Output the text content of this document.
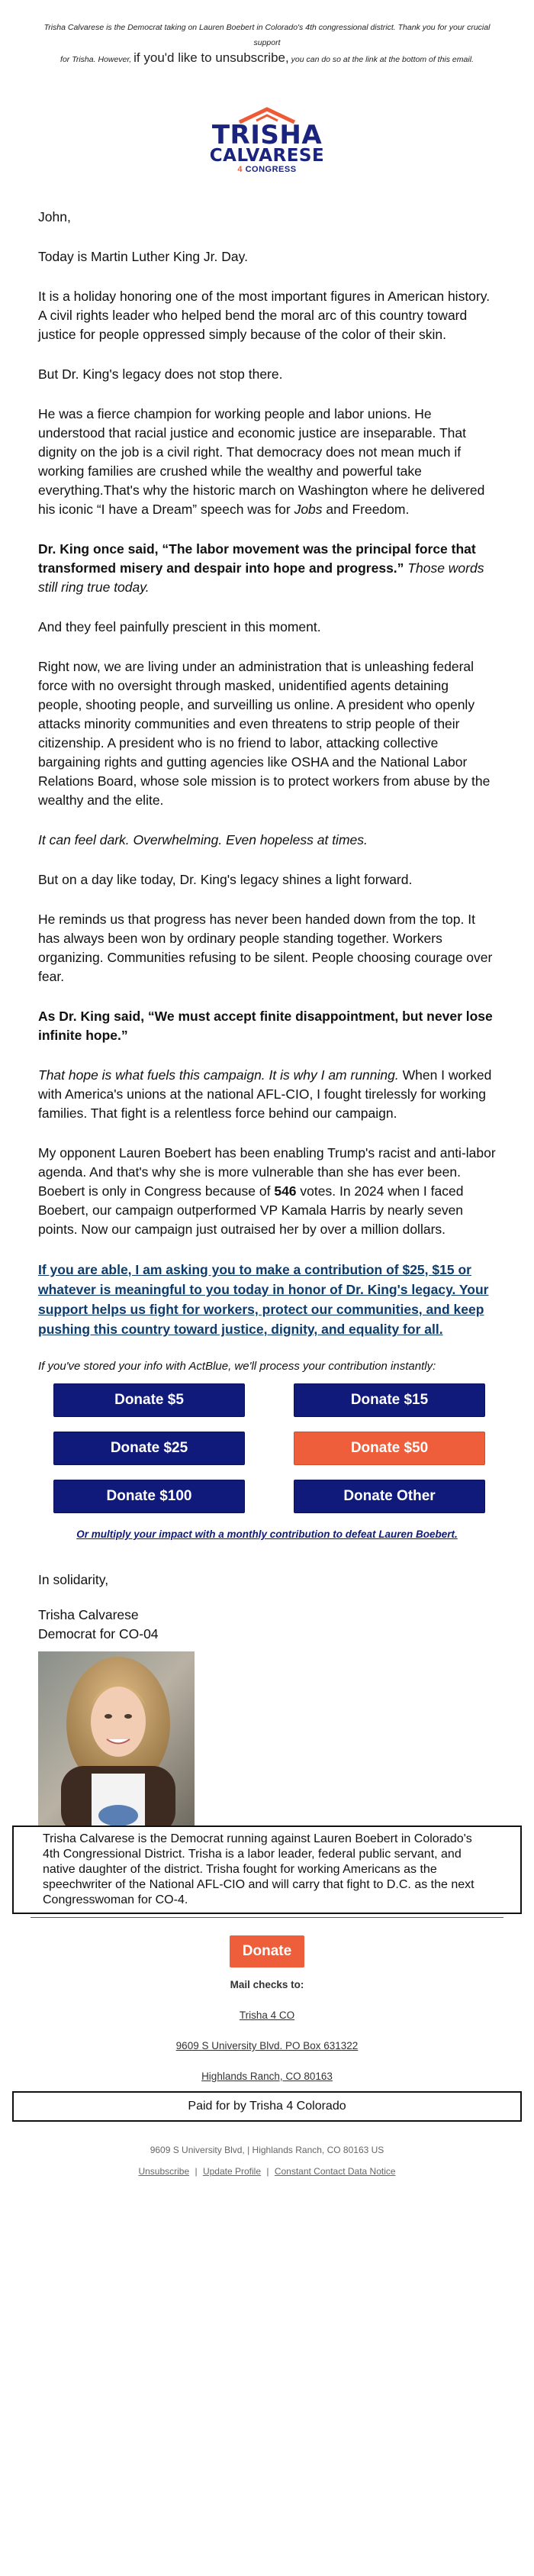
Trisha Calvarese is the Democrat taking on Lauren Boebert in Colorado's 4th congressional district. Thank you for your crucial support
for Trisha. However, if you'd like to unsubscribe, you can do so at the link at the bottom of this email.
TRISHA
CALVARESE
4 CONGRESS

John,

Today is Martin Luther King Jr. Day.

It is a holiday honoring one of the most important figures in American history. A civil rights leader who helped bend the moral arc of this country toward justice for people oppressed simply because of the color of their skin.

But Dr. King's legacy does not stop there.

He was a fierce champion for working people and labor unions. He understood that racial justice and economic justice are inseparable. That dignity on the job is a civil right. That democracy does not mean much if working families are crushed while the wealthy and powerful take everything.That's why the historic march on Washington where he delivered his iconic “I have a Dream” speech was for Jobs and Freedom.

Dr. King once said, “The labor movement was the principal force that transformed misery and despair into hope and progress.” Those words still ring true today.

And they feel painfully prescient in this moment.

Right now, we are living under an administration that is unleashing federal force with no oversight through masked, unidentified agents detaining people, shooting people, and surveilling us online. A president who openly attacks minority communities and even threatens to strip people of their citizenship. A president who is no friend to labor, attacking collective bargaining rights and gutting agencies like OSHA and the National Labor Relations Board, whose sole mission is to protect workers from abuse by the wealthy and the elite.

It can feel dark. Overwhelming. Even hopeless at times.

But on a day like today, Dr. King's legacy shines a light forward.

He reminds us that progress has never been handed down from the top. It has always been won by ordinary people standing together. Workers organizing. Communities refusing to be silent. People choosing courage over fear.

As Dr. King said, “We must accept finite disappointment, but never lose infinite hope.”

That hope is what fuels this campaign. It is why I am running. When I worked with America's unions at the national AFL-CIO, I fought tirelessly for working families. That fight is a relentless force behind our campaign.

My opponent Lauren Boebert has been enabling Trump's racist and anti-labor agenda. And that's why she is more vulnerable than she has ever been. Boebert is only in Congress because of 546 votes. In 2024 when I faced Boebert, our campaign outperformed VP Kamala Harris by nearly seven points. Now our campaign just outraised her by over a million dollars.

If you are able, I am asking you to make a contribution of $25, $15 or whatever is meaningful to you today in honor of Dr. King's legacy. Your support helps us fight for workers, protect our communities, and keep pushing this country toward justice, dignity, and equality for all.

If you've stored your info with ActBlue, we'll process your contribution instantly:
Donate $5	Donate $15
Donate $25	Donate $50
Donate $100	Donate Other
Or multiply your impact with a monthly contribution to defeat Lauren Boebert.

In solidarity,

Trisha Calvarese
Democrat for CO-04
Trisha Calvarese is the Democrat running against Lauren Boebert in Colorado's 4th Congressional District. Trisha is a labor leader, federal public servant, and native daughter of the district. Trisha fought for working Americans as the speechwriter of the National AFL-CIO and will carry that fight to D.C. as the next Congresswoman for CO-4.
Donate
Mail checks to:
Trisha 4 CO
9609 S University Blvd. PO Box 631322
Highlands Ranch, CO 80163
Paid for by Trisha 4 Colorado
9609 S University Blvd, | Highlands Ranch, CO 80163 US
Unsubscribe | Update Profile | Constant Contact Data Notice
